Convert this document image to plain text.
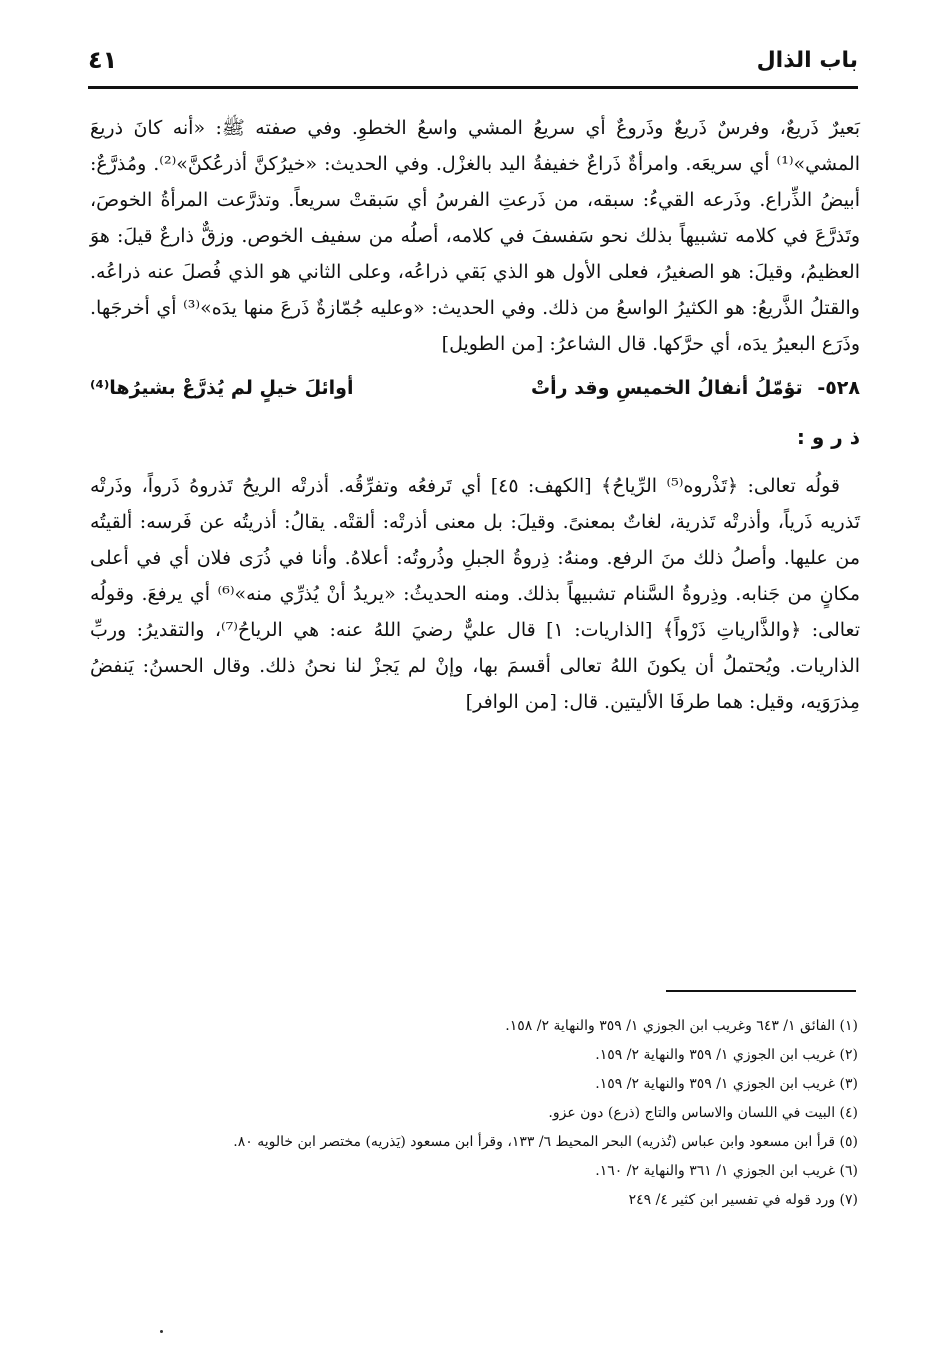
باب الذال
٤١

بَعيرٌ ذَريعٌ، وفرسٌ ذَريعٌ وذَروعٌ أي سريعُ المشي واسعُ الخطوِ. وفي صفته ﷺ: «أنه كانَ ذريعَ المشي»⁽¹⁾ أي سريعَه. وامرأةٌ ذَراعٌ خفيفةُ اليد بالغزْل. وفي الحديث: «خيرُكنَّ أذرعُكنَّ»⁽²⁾. ومُذرَّعٌ: أبيضُ الذِّراع. وذَرعه القيءُ: سبقه، من ذَرعتِ الفرسُ أي سَبقتْ سريعاً. وتذرَّعت المرأةُ الخوصَ، وتَذرَّعَ في كلامه تشبيهاً بذلك نحو سَفسفَ في كلامه، أصلُه من سفيف الخوص. وزقٌّ ذارعٌ قيلَ: هوَ العظيمُ، وقيلَ: هو الصغيرُ، فعلى الأول هو الذي بَقي ذراعُه، وعلى الثاني هو الذي فُصلَ عنه ذراعُه. والقتلُ الذَّريعُ: هو الكثيرُ الواسعُ من ذلك. وفي الحديث: «وعليه جُمّازةٌ ذَرعَ منها يدَه»⁽³⁾ أي أخرجَها. وذَرَع البعيرُ يدَه، أي حرَّكها. قال الشاعرُ: [من الطويل]

٥٢٨- تؤمّلُ أنفالُ الخميسِ وقد رأتْ
أوائلَ خيلٍ لم يُذرَّعْ بشيرُها⁽⁴⁾
ذ ر و :

قولُه تعالى: ﴿تَذْروه⁽⁵⁾ الرِّياحُ﴾ [الكهف: ٤٥] أي تَرفعُه وتفرِّقُه. أذرتْه الريحُ تَذروهُ ذَرواً، وذَرتْه تَذريه ذَرياً، وأذرتْه تَذرية، لغاتٌ بمعنىً. وقيلَ: بل معنى أذرتْه: ألقتْه. يقالُ: أذريتُه عن فَرسه: ألقيتُه من عليها. وأصلُ ذلك منَ الرفع. ومنهُ: ذِروةُ الجبلِ وذُروتُه: أعلاهُ. وأنا في ذُرَى فلان أي في أعلى مكانٍ من جَنابه. وذِروةُ السَّنام تشبيهاً بذلك. ومنه الحديثُ: «يريدُ أنْ يُذرِّي منه»⁽⁶⁾ أي يرفعَ. وقولُه تعالى: ﴿والذَّارياتِ ذَرْواً﴾ [الذاريات: ١] قال عليٌّ رضيَ اللهُ عنه: هي الرياحُ⁽⁷⁾، والتقديرُ: وربِّ الذاريات. ويُحتملُ أن يكونَ اللهُ تعالى أقسمَ بها، وإنْ لم يَجزْ لنا نحنُ ذلك. وقال الحسنُ: يَنفضُ مِذرَوَيه، وقيل: هما طرفَا الأليتين. قال: [من الوافر]

(١) الفائق ١/ ٦٤٣ وغريب ابن الجوزي ١/ ٣٥٩ والنهاية ٢/ ١٥٨.

(٢) غريب ابن الجوزي ١/ ٣٥٩ والنهاية ٢/ ١٥٩.

(٣) غريب ابن الجوزي ١/ ٣٥٩ والنهاية ٢/ ١٥٩.

(٤) البيت في اللسان والاساس والتاج (ذرع) دون عزو.

(٥) قرأ ابن مسعود وابن عباس (تُذريه) البحر المحيط ٦/ ١٣٣، وقرأ ابن مسعود (يَذريه) مختصر ابن خالويه ٨٠.

(٦) غريب ابن الجوزي ١/ ٣٦١ والنهاية ٢/ ١٦٠.

(٧) ورد قوله في تفسير ابن كثير ٤/ ٢٤٩
